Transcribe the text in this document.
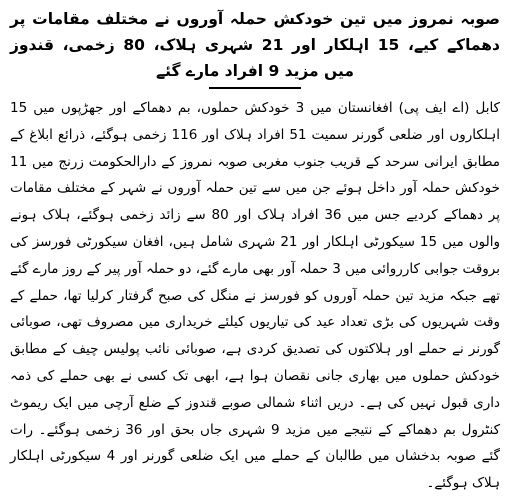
صوبہ نمروز میں تین خودکش حملہ آوروں نے مختلف مقامات پر دھماکے کیے، 15 اہلکار اور 21 شہری ہلاک، 80 زخمی، قندوز میں مزید 9 افراد مارے گئے

کابل (اے ایف پی) افغانستان میں 3 خودکش حملوں، بم دھماکے اور جھڑپوں میں 15 اہلکاروں اور ضلعی گورنر سمیت 51 افراد ہلاک اور 116 زخمی ہوگئے، ذرائع ابلاغ کے مطابق ایرانی سرحد کے قریب جنوب مغربی صوبہ نمروز کے دارالحکومت زرنج میں 11 خودکش حملہ آور داخل ہوئے جن میں سے تین حملہ آوروں نے شہر کے مختلف مقامات پر دھماکے کردیے جس میں 36 افراد ہلاک اور 80 سے زائد زخمی ہوگئے، ہلاک ہونے والوں میں 15 سیکورٹی اہلکار اور 21 شہری شامل ہیں، افغان سیکورٹی فورسز کی بروقت جوابی کارروائی میں 3 حملہ آور بھی مارے گئے، دو حملہ آور پیر کے روز مارے گئے تھے جبکہ مزید تین حملہ آوروں کو فورسز نے منگل کی صبح گرفتار کرلیا تھا، حملے کے وقت شہریوں کی بڑی تعداد عید کی تیاریوں کیلئے خریداری میں مصروف تھی، صوبائی گورنر نے حملے اور ہلاکتوں کی تصدیق کردی ہے، صوبائی نائب پولیس چیف کے مطابق خودکش حملوں میں بھاری جانی نقصان ہوا ہے، ابھی تک کسی نے بھی حملے کی ذمہ داری قبول نہیں کی ہے۔ دریں اثناء شمالی صوبے قندوز کے ضلع آرچی میں ایک ریموٹ کنٹرول بم دھماکے کے نتیجے میں مزید 9 شہری جاں بحق اور 36 زخمی ہوگئے۔ رات گئے صوبہ بدخشاں میں طالبان کے حملے میں ایک ضلعی گورنر اور 4 سیکورٹی اہلکار ہلاک ہوگئے۔
